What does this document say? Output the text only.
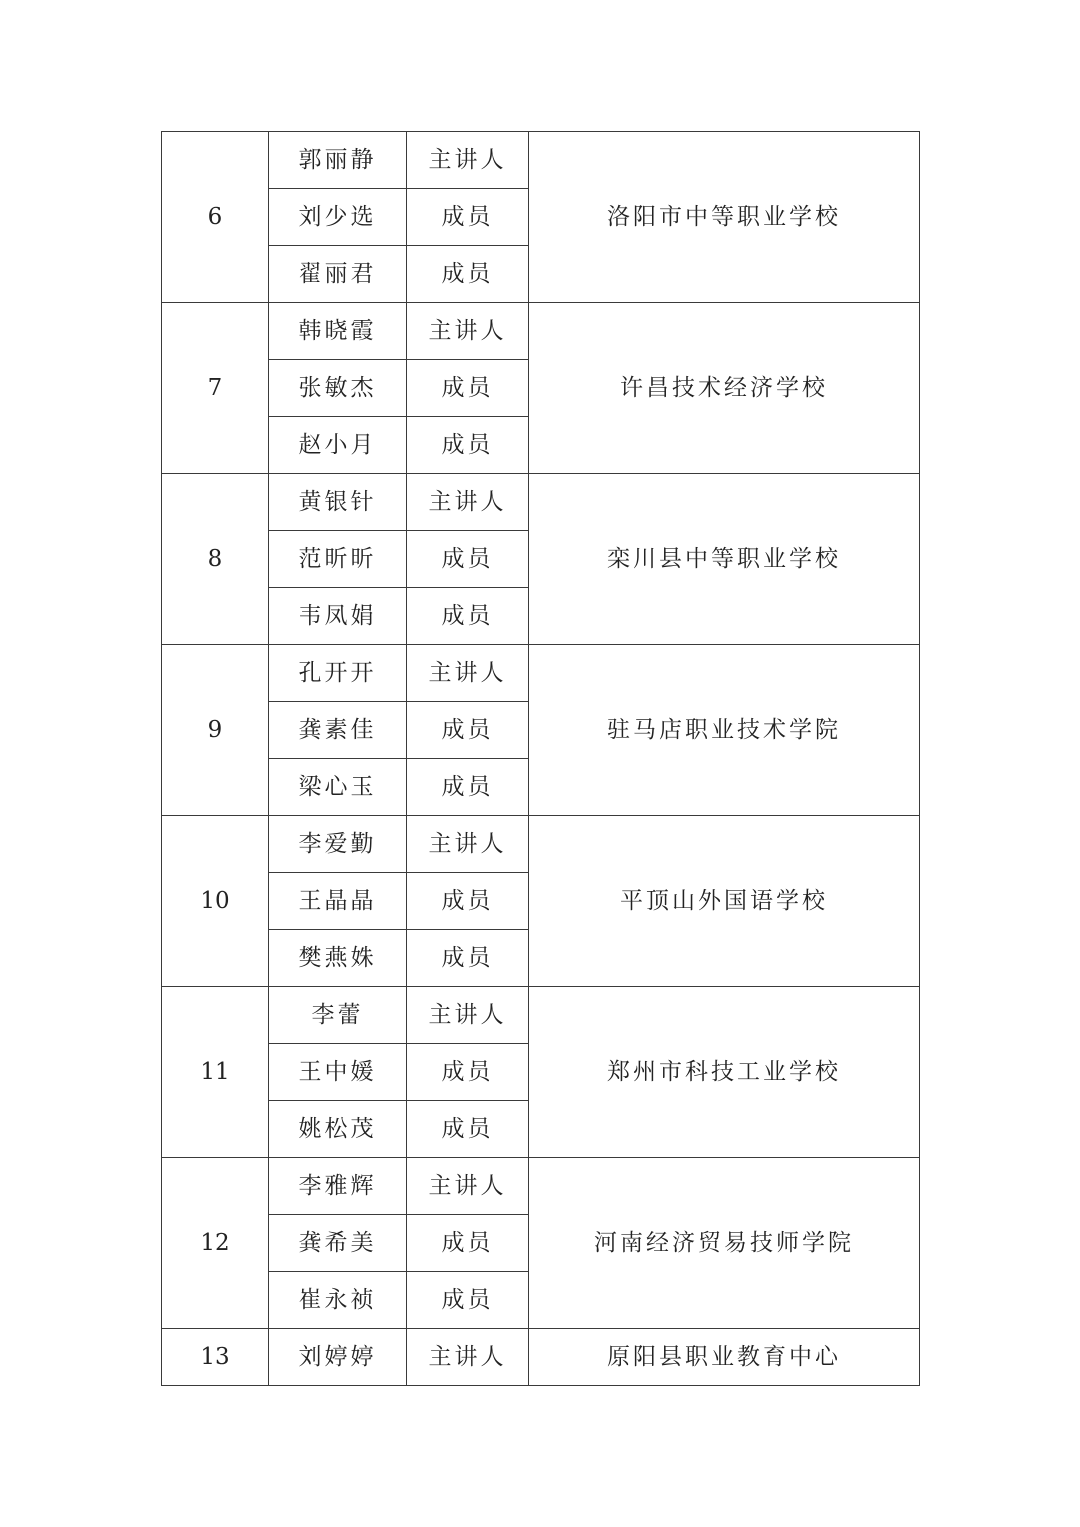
6	郭丽静	主讲人	洛阳市中等职业学校
	刘少选	成员	
	翟丽君	成员	
7	韩晓霞	主讲人	许昌技术经济学校
	张敏杰	成员	
	赵小月	成员	
8	黄银针	主讲人	栾川县中等职业学校
	范昕昕	成员	
	韦凤娟	成员	
9	孔开开	主讲人	驻马店职业技术学院
	龚素佳	成员	
	梁心玉	成员	
10	李爱勤	主讲人	平顶山外国语学校
	王晶晶	成员	
	樊燕姝	成员	
11	李蕾	主讲人	郑州市科技工业学校
	王中媛	成员	
	姚松茂	成员	
12	李雅辉	主讲人	河南经济贸易技师学院
	龚希美	成员	
	崔永祯	成员	
13	刘婷婷	主讲人	原阳县职业教育中心
